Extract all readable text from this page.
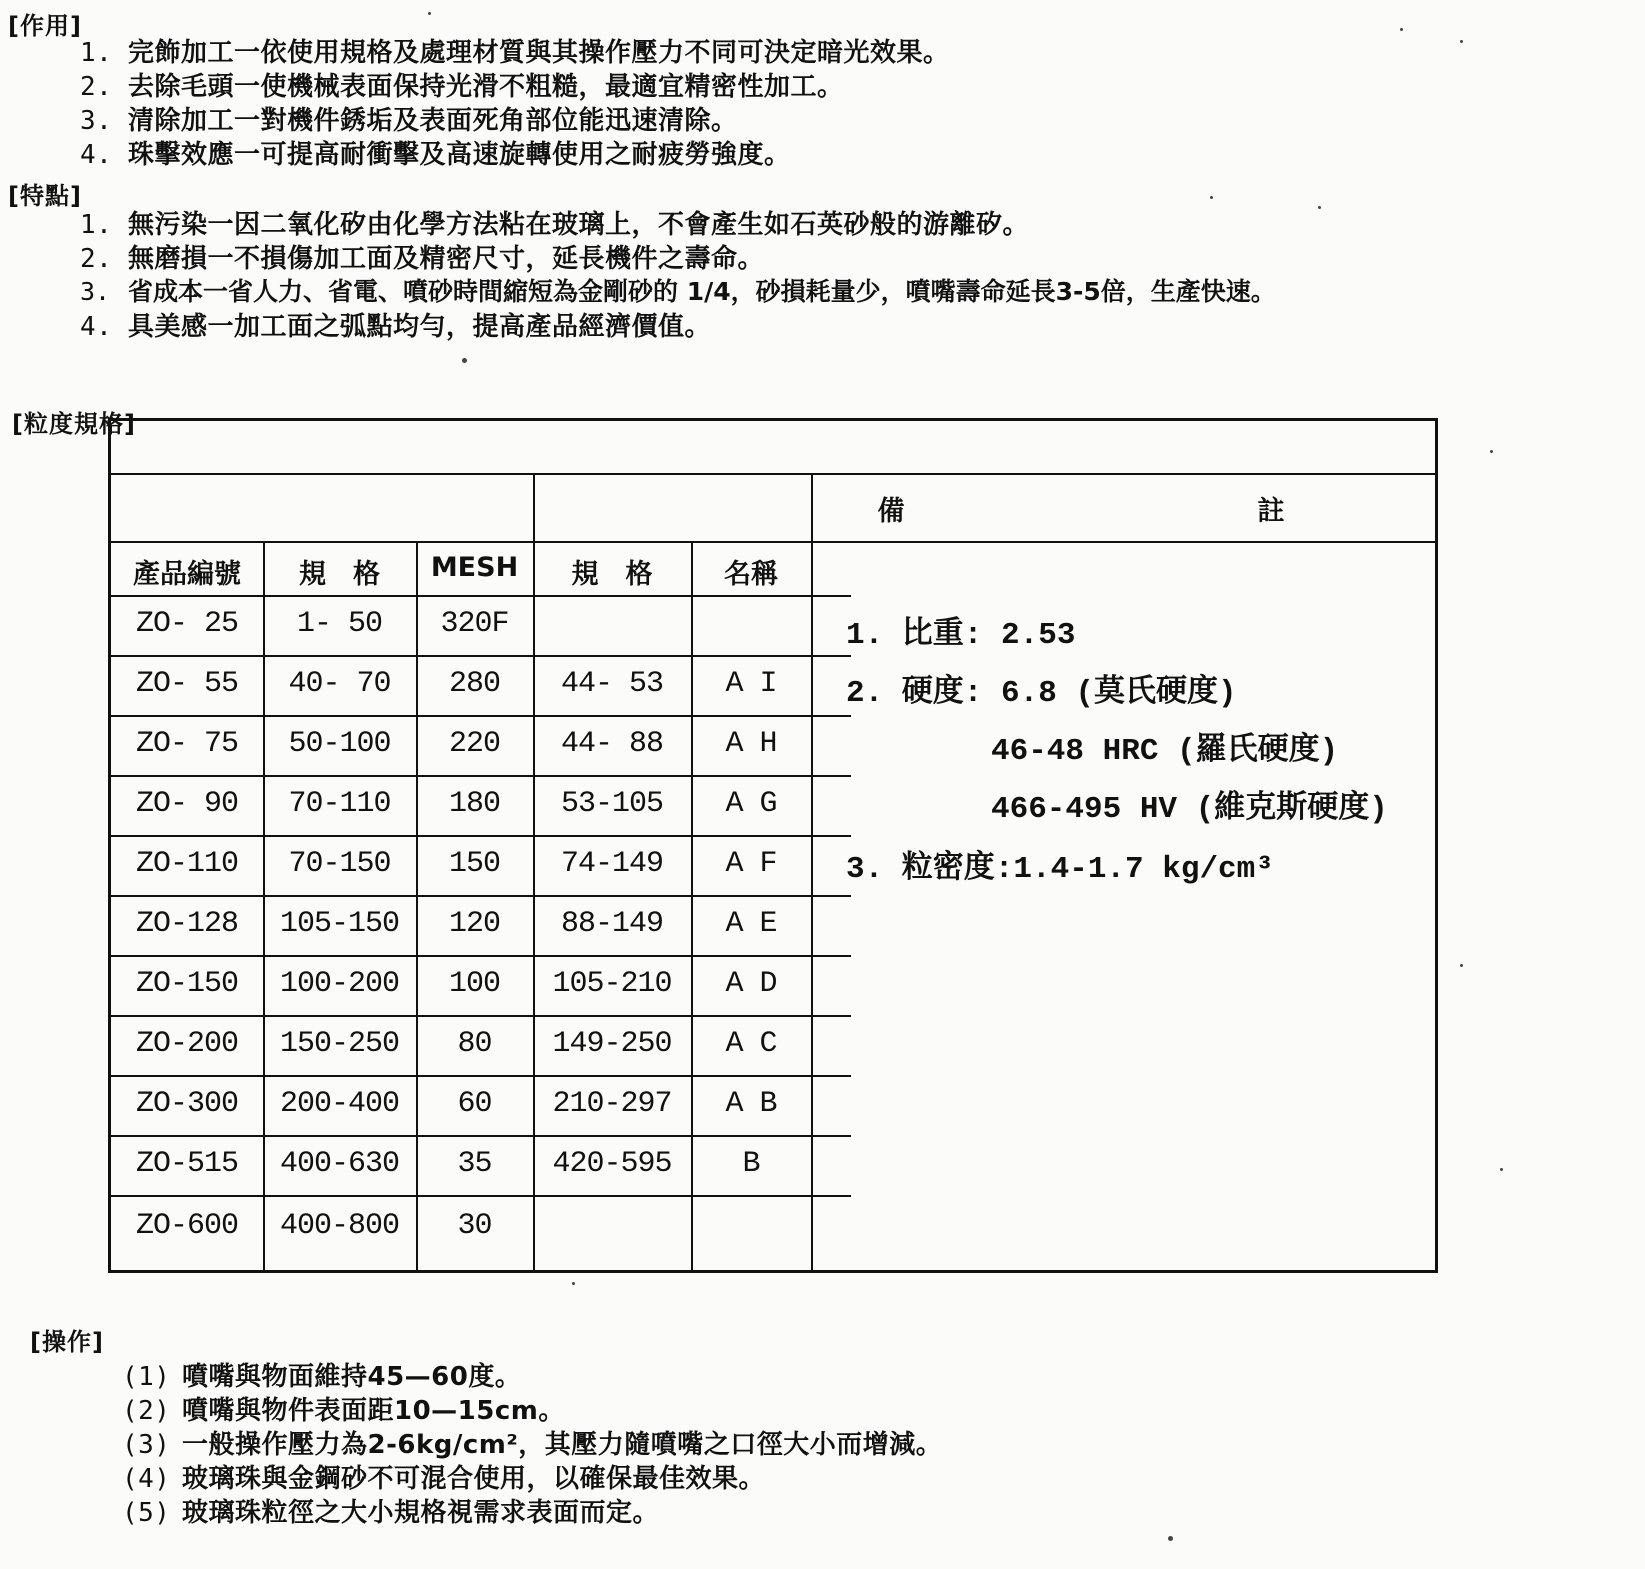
[作用]
1. 完飾加工一依使用規格及處理材質與其操作壓力不同可決定暗光效果。
2. 去除毛頭一使機械表面保持光滑不粗糙，最適宜精密性加工。
3. 清除加工一對機件銹垢及表面死角部位能迅速清除。
4. 珠擊效應一可提高耐衝擊及高速旋轉使用之耐疲勞強度。
[特點]
1. 無污染一因二氧化矽由化學方法粘在玻璃上，不會產生如石英砂般的游離矽。
2. 無磨損一不損傷加工面及精密尺寸，延長機件之壽命。
3. 省成本一省人力、省電、噴砂時間縮短為金剛砂的 1/4，砂損耗量少，噴嘴壽命延長3-5倍，生產快速。
4. 具美感一加工面之弧點均勻，提高產品經濟價值。
[粒度規格]
產品編號	規　格	MESH	規　格	名稱
備	註
ZO- 25	1- 50	320F
ZO- 55	40- 70	280	44- 53	A I
ZO- 75	50-100	220	44- 88	A H
ZO- 90	70-110	180	53-105	A G
ZO-110	70-150	150	74-149	A F
ZO-128	105-150	120	88-149	A E
ZO-150	100-200	100	105-210	A D
ZO-200	150-250	80	149-250	A C
ZO-300	200-400	60	210-297	A B
ZO-515	400-630	35	420-595	B
ZO-600	400-800	30
1. 比重: 2.53
2. 硬度: 6.8 (莫氏硬度)
46-48 HRC (羅氏硬度)
466-495 HV (維克斯硬度)
3. 粒密度:1.4-1.7 kg/cm³
[操作]
(1) 噴嘴與物面維持45—60度。
(2) 噴嘴與物件表面距10—15cm。
(3) 一般操作壓力為2-6kg/cm²，其壓力隨噴嘴之口徑大小而增減。
(4) 玻璃珠與金鋼砂不可混合使用，以確保最佳效果。
(5) 玻璃珠粒徑之大小規格視需求表面而定。
